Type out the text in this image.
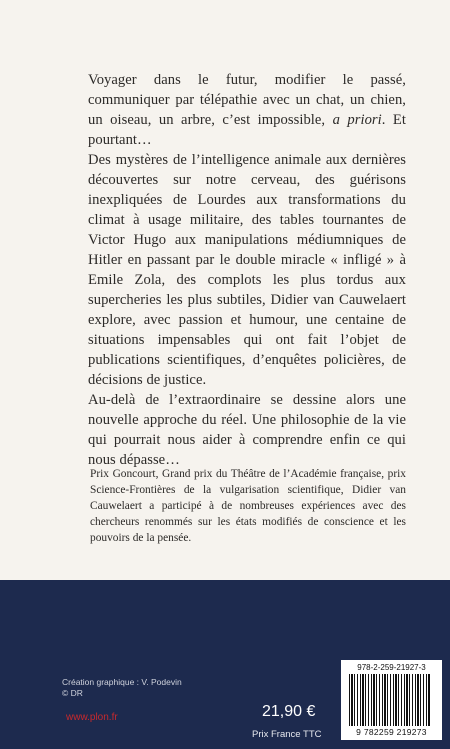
Voyager dans le futur, modifier le passé, communiquer par télépathie avec un chat, un chien, un oiseau, un arbre, c’est impossible, a priori. Et pourtant…

Des mystères de l’intelligence animale aux dernières découvertes sur notre cerveau, des guérisons inexpliquées de Lourdes aux transformations du climat à usage militaire, des tables tournantes de Victor Hugo aux manipulations médiumniques de Hitler en passant par le double miracle « infligé » à Emile Zola, des complots les plus tordus aux supercheries les plus subtiles, Didier van Cauwelaert explore, avec passion et humour, une centaine de situations impensables qui ont fait l’objet de publications scientifiques, d’enquêtes policières, de décisions de justice.

Au-delà de l’extraordinaire se dessine alors une nouvelle approche du réel. Une philosophie de la vie qui pourrait nous aider à comprendre enfin ce qui nous dépasse…

Prix Goncourt, Grand prix du Théâtre de l’Académie française, prix Science-Frontières de la vulgarisation scientifique, Didier van Cauwelaert a participé à de nombreuses expériences avec des chercheurs renommés sur les états modifiés de conscience et les pouvoirs de la pensée.
Création graphique : V. Podevin
© DR
www.plon.fr	21,90 €
Prix France TTC
978-2-259-21927-3
9 782259 219273
